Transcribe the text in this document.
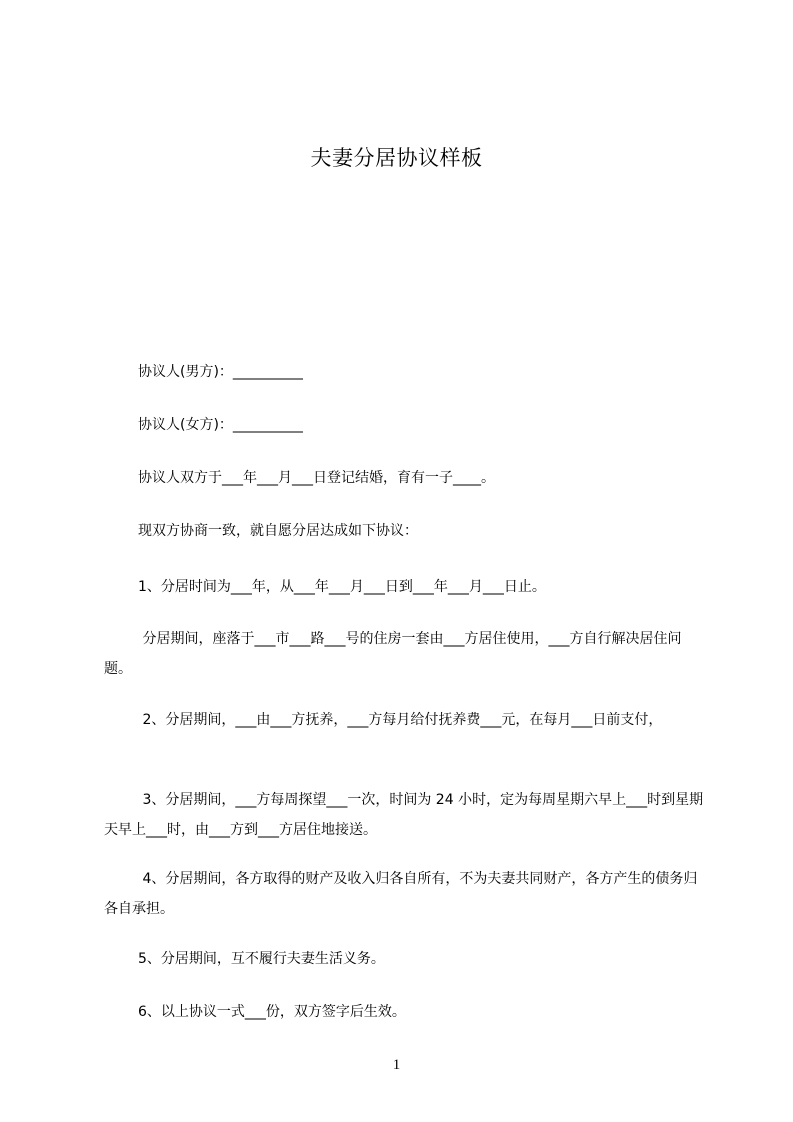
夫妻分居协议样板
协议人(男方)：__________
协议人(女方)：__________
协议人双方于___年___月___日登记结婚，育有一子____。
现双方协商一致，就自愿分居达成如下协议：
1、分居时间为___年，从___年___月___日到___年___月___日止。
分居期间，座落于___市___路___号的住房一套由___方居住使用，___方自行解决居住问题。
2、分居期间，___由___方抚养，___方每月给付抚养费___元，在每月___日前支付，
3、分居期间，___方每周探望___一次，时间为 24 小时，定为每周星期六早上___时到星期天早上___时，由___方到___方居住地接送。
4、分居期间，各方取得的财产及收入归各自所有，不为夫妻共同财产，各方产生的债务归各自承担。
5、分居期间，互不履行夫妻生活义务。
6、以上协议一式___份，双方签字后生效。
1
